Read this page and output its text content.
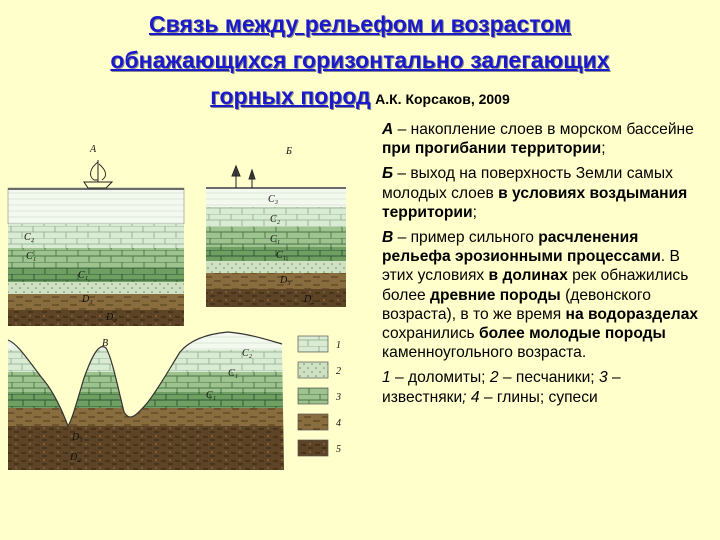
Связь между рельефом и возрастом
обнажающихся горизонтально залегающих
горных пород А.К. Корсаков, 2009

А – накопление слоев в морском бассейне при прогибании территории;

Б – выход на поверхность Земли самых молодых слоев в условиях воздымания территории;

В – пример сильного расчленения рельефа эрозионными процессами. В этих условиях в долинах рек обнажились более древние породы (девонского возраста), в то же время на водоразделах сохранились более молодые породы каменноугольного возраста.

1 – доломиты; 2 – песчаники; 3 – известняки; 4 – глины; супеси

А	Б
В
C₂
C₁
C₁
D₃
D₂
C₃
C₂
C₁
C₁
D₃
D₂
C₂
C₁
C₁
D₃
D₂
1
2
3
4
5
